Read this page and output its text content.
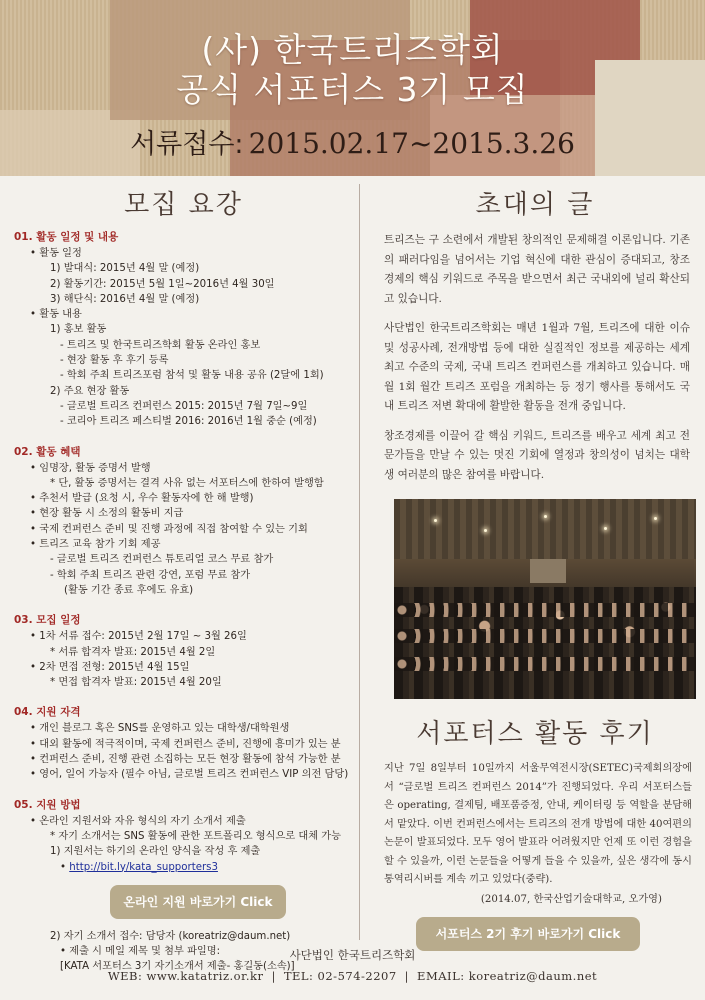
(사) 한국트리즈학회
공식 서포터스 3기 모집
서류접수: 2015.02.17~2015.3.26
모집 요강
01. 활동 일정 및 내용
• 활동 일정
1) 발대식: 2015년 4월 말 (예정)
2) 활동기간: 2015년 5월 1일~2016년 4월 30일
3) 해단식: 2016년 4월 말 (예정)
• 활동 내용
1) 홍보 활동
- 트리즈 및 한국트리즈학회 활동 온라인 홍보
- 현장 활동 후 후기 등록
- 학회 주최 트리즈포럼 참석 및 활동 내용 공유 (2달에 1회)
2) 주요 현장 활동
- 글로벌 트리즈 컨퍼런스 2015: 2015년 7월 7일~9일
- 코리아 트리즈 페스티벌 2016: 2016년 1월 중순 (예정)
02. 활동 혜택
• 임명장, 활동 증명서 발행
* 단, 활동 증명서는 결격 사유 없는 서포터스에 한하여 발행함
• 추천서 발급 (요청 시, 우수 활동자에 한 해 발행)
• 현장 활동 시 소정의 활동비 지급
• 국제 컨퍼런스 준비 및 진행 과정에 직접 참여할 수 있는 기회
• 트리즈 교육 참가 기회 제공
- 글로벌 트리즈 컨퍼런스 튜토리얼 코스 무료 참가
- 학회 주최 트리즈 관련 강연, 포럼 무료 참가
(활동 기간 종료 후에도 유효)
03. 모집 일정
• 1차 서류 접수: 2015년 2월 17일 ~ 3월 26일
* 서류 합격자 발표: 2015년 4월 2일
• 2차 면접 전형: 2015년 4월 15일
* 면접 합격자 발표: 2015년 4월 20일
04. 지원 자격
• 개인 블로그 혹은 SNS를 운영하고 있는 대학생/대학원생
• 대외 활동에 적극적이며, 국제 컨퍼런스 준비, 진행에 흥미가 있는 분
• 컨퍼런스 준비, 진행 관련 소집하는 모든 현장 활동에 참석 가능한 분
• 영어, 일어 가능자 (필수 아님, 글로벌 트리즈 컨퍼런스 VIP 의전 담당)
05. 지원 방법
• 온라인 지원서와 자유 형식의 자기 소개서 제출
* 자기 소개서는 SNS 활동에 관한 포트폴리오 형식으로 대체 가능
1) 지원서는 하기의 온라인 양식을 작성 후 제출
• http://bit.ly/kata_supporters3
온라인 지원 바로가기 Click
2) 자기 소개서 접수: 담당자 (koreatriz@daum.net)
• 제출 시 메일 제목 및 첨부 파일명:
[KATA 서포터스 3기 자기소개서 제출- 홍길동(소속)]
초대의 글

트리즈는 구 소련에서 개발된 창의적인 문제해결 이론입니다. 기존의 패러다임을 넘어서는 기업 혁신에 대한 관심이 증대되고, 창조 경제의 핵심 키워드로 주목을 받으면서 최근 국내외에 널리 확산되고 있습니다.

사단법인 한국트리즈학회는 매년 1월과 7월, 트리즈에 대한 이슈 및 성공사례, 전개방법 등에 대한 실질적인 정보를 제공하는 세계 최고 수준의 국제, 국내 트리즈 컨퍼런스를 개최하고 있습니다. 매월 1회 월간 트리즈 포럼을 개최하는 등 정기 행사를 통해서도 국내 트리즈 저변 확대에 활발한 활동을 전개 중입니다.

창조경제를 이끌어 갈 핵심 키워드, 트리즈를 배우고 세계 최고 전문가들을 만날 수 있는 멋진 기회에 열정과 창의성이 넘치는 대학생 여러분의 많은 참여를 바랍니다.

서포터스 활동 후기

지난 7일 8일부터 10일까지 서울무역전시장(SETEC)국제회의장에서 “글로벌 트리즈 컨퍼런스 2014”가 진행되었다. 우리 서포터스들은 operating, 결제팀, 배포품증정, 안내, 케이터링 등 역할을 분담해서 맡았다. 이번 컨퍼런스에서는 트리즈의 전개 방법에 대한 40여편의 논문이 발표되었다. 모두 영어 발표라 어려웠지만 언제 또 이런 경험을 할 수 있을까, 이런 논문들을 어떻게 들을 수 있을까, 싶은 생각에 동시통역리시버를 계속 끼고 있었다(중략).

(2014.07, 한국산업기술대학교, 오가영)
서포터스 2기 후기 바로가기 Click
사단법인 한국트리즈학회
WEB: www.katatriz.or.kr | TEL: 02-574-2207 | EMAIL: koreatriz@daum.net
